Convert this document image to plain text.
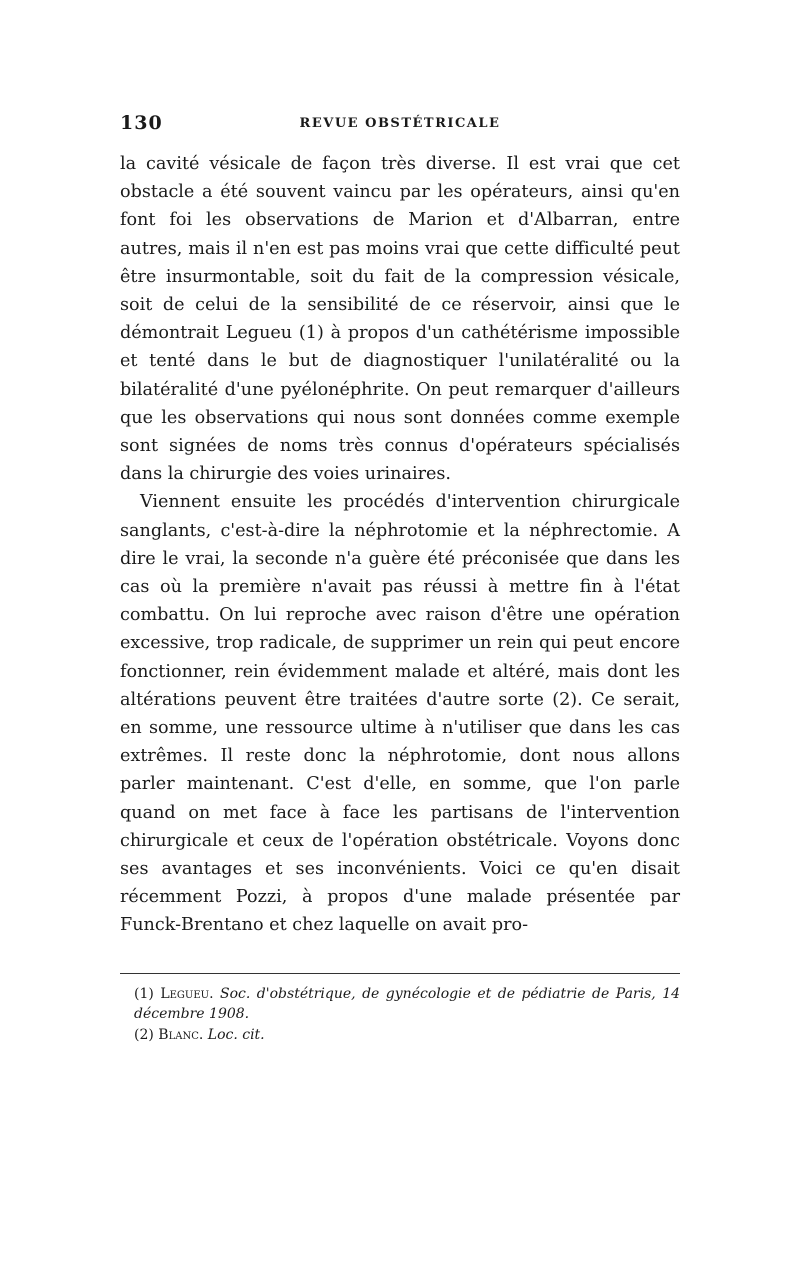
130	REVUE OBSTÉTRICALE

la cavité vésicale de façon très diverse. Il est vrai que cet obstacle a été souvent vaincu par les opérateurs, ainsi qu'en font foi les observations de Marion et d'Albarran, entre autres, mais il n'en est pas moins vrai que cette difficulté peut être insurmontable, soit du fait de la compression vésicale, soit de celui de la sensibilité de ce réservoir, ainsi que le démontrait Legueu (1) à propos d'un cathétérisme impossible et tenté dans le but de diagnostiquer l'unilatéralité ou la bilatéralité d'une pyélonéphrite. On peut remarquer d'ailleurs que les observations qui nous sont données comme exemple sont signées de noms très connus d'opérateurs spécialisés dans la chirurgie des voies urinaires.

Viennent ensuite les procédés d'intervention chirurgicale sanglants, c'est-à-dire la néphrotomie et la néphrectomie. A dire le vrai, la seconde n'a guère été préconisée que dans les cas où la première n'avait pas réussi à mettre fin à l'état combattu. On lui reproche avec raison d'être une opération excessive, trop radicale, de supprimer un rein qui peut encore fonctionner, rein évidemment malade et altéré, mais dont les altérations peuvent être traitées d'autre sorte (2). Ce serait, en somme, une ressource ultime à n'utiliser que dans les cas extrêmes. Il reste donc la néphrotomie, dont nous allons parler maintenant. C'est d'elle, en somme, que l'on parle quand on met face à face les partisans de l'intervention chirurgicale et ceux de l'opération obstétricale. Voyons donc ses avantages et ses inconvénients. Voici ce qu'en disait récemment Pozzi, à propos d'une malade présentée par Funck-Brentano et chez laquelle on avait pro-

(1) Legueu. Soc. d'obstétrique, de gynécologie et de pédiatrie de Paris, 14 décembre 1908.

(2) Blanc. Loc. cit.
